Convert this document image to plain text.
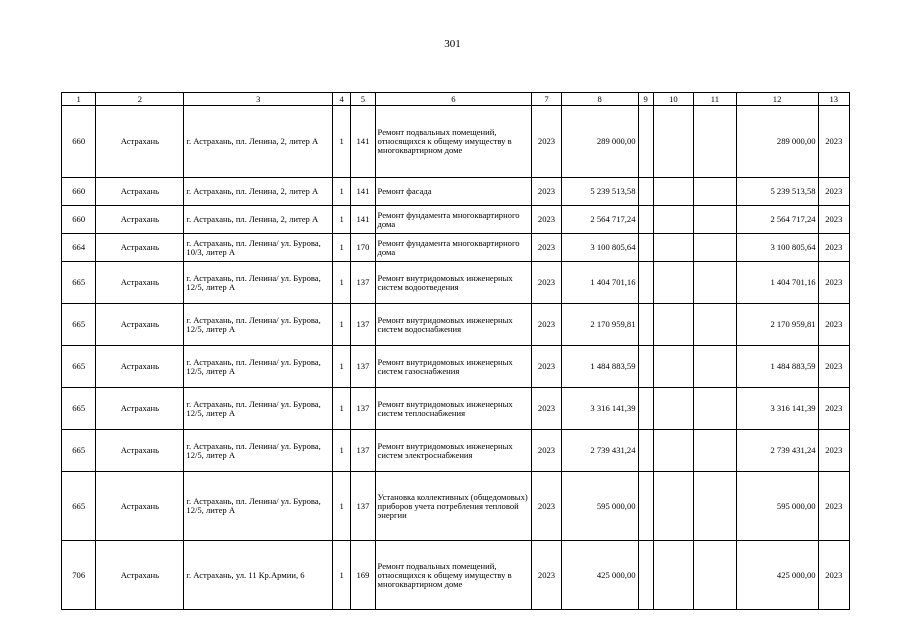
301
1	2	3	4	5	6	7	8	9	10	11	12	13
660	Астрахань	г. Астрахань, пл. Ленина, 2, литер А	1	141	Ремонт подвальных помещений, относящихся к общему имуществу в многоквартирном доме	2023	289 000,00				289 000,00	2023
660	Астрахань	г. Астрахань, пл. Ленина, 2, литер А	1	141	Ремонт фасада	2023	5 239 513,58				5 239 513,58	2023
660	Астрахань	г. Астрахань, пл. Ленина, 2, литер А	1	141	Ремонт фундамента многоквартирного дома	2023	2 564 717,24				2 564 717,24	2023
664	Астрахань	г. Астрахань, пл. Ленина/ ул. Бурова, 10/3, литер А	1	170	Ремонт фундамента многоквартирного дома	2023	3 100 805,64				3 100 805,64	2023
665	Астрахань	г. Астрахань, пл. Ленина/ ул. Бурова, 12/5, литер А	1	137	Ремонт внутридомовых инженерных систем водоотведения	2023	1 404 701,16				1 404 701,16	2023
665	Астрахань	г. Астрахань, пл. Ленина/ ул. Бурова, 12/5, литер А	1	137	Ремонт внутридомовых инженерных систем водоснабжения	2023	2 170 959,81				2 170 959,81	2023
665	Астрахань	г. Астрахань, пл. Ленина/ ул. Бурова, 12/5, литер А	1	137	Ремонт внутридомовых инженерных систем газоснабжения	2023	1 484 883,59				1 484 883,59	2023
665	Астрахань	г. Астрахань, пл. Ленина/ ул. Бурова, 12/5, литер А	1	137	Ремонт внутридомовых инженерных систем теплоснабжения	2023	3 316 141,39				3 316 141,39	2023
665	Астрахань	г. Астрахань, пл. Ленина/ ул. Бурова, 12/5, литер А	1	137	Ремонт внутридомовых инженерных систем электроснабжения	2023	2 739 431,24				2 739 431,24	2023
665	Астрахань	г. Астрахань, пл. Ленина/ ул. Бурова, 12/5, литер А	1	137	Установка коллективных (общедомовых) приборов учета потребления тепловой энергии	2023	595 000,00				595 000,00	2023
706	Астрахань	г. Астрахань, ул. 11 Кр.Армии, 6	1	169	Ремонт подвальных помещений, относящихся к общему имуществу в многоквартирном доме	2023	425 000,00				425 000,00	2023
